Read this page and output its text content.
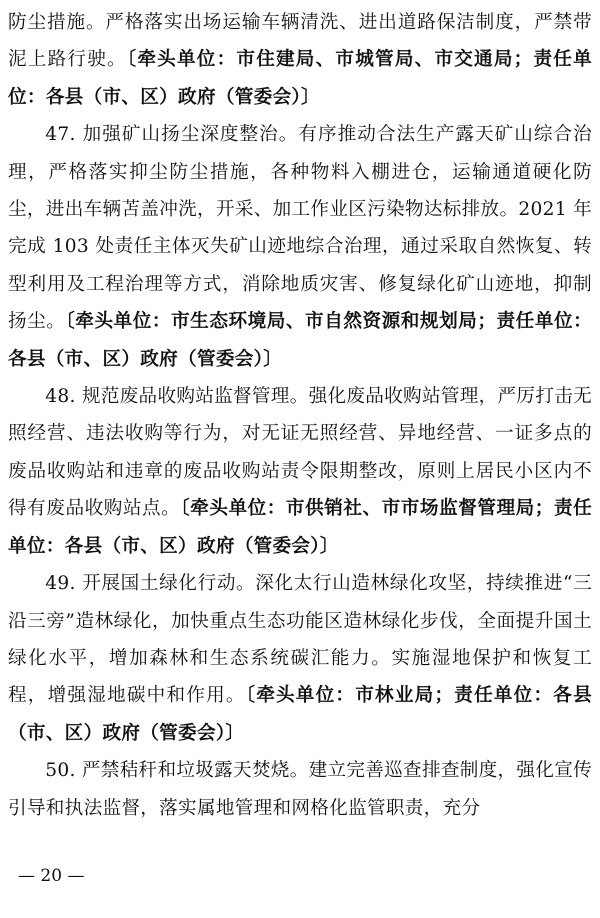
防尘措施。严格落实出场运输车辆清洗、进出道路保洁制度，严禁带泥上路行驶。〔牵头单位：市住建局、市城管局、市交通局；责任单位：各县（市、区）政府（管委会）〕

47. 加强矿山扬尘深度整治。有序推动合法生产露天矿山综合治理，严格落实抑尘防尘措施，各种物料入棚进仓，运输通道硬化防尘，进出车辆苫盖冲洗，开采、加工作业区污染物达标排放。2021 年完成 103 处责任主体灭失矿山迹地综合治理，通过采取自然恢复、转型利用及工程治理等方式，消除地质灾害、修复绿化矿山迹地，抑制扬尘。〔牵头单位：市生态环境局、市自然资源和规划局；责任单位：各县（市、区）政府（管委会）〕

48. 规范废品收购站监督管理。强化废品收购站管理，严厉打击无照经营、违法收购等行为，对无证无照经营、异地经营、一证多点的废品收购站和违章的废品收购站责令限期整改，原则上居民小区内不得有废品收购站点。〔牵头单位：市供销社、市市场监督管理局；责任单位：各县（市、区）政府（管委会）〕

49. 开展国土绿化行动。深化太行山造林绿化攻坚，持续推进“三沿三旁”造林绿化，加快重点生态功能区造林绿化步伐，全面提升国土绿化水平，增加森林和生态系统碳汇能力。实施湿地保护和恢复工程，增强湿地碳中和作用。〔牵头单位：市林业局；责任单位：各县（市、区）政府（管委会）〕

50. 严禁秸秆和垃圾露天焚烧。建立完善巡查排查制度，强化宣传引导和执法监督，落实属地管理和网格化监管职责，充分

— 20 —
